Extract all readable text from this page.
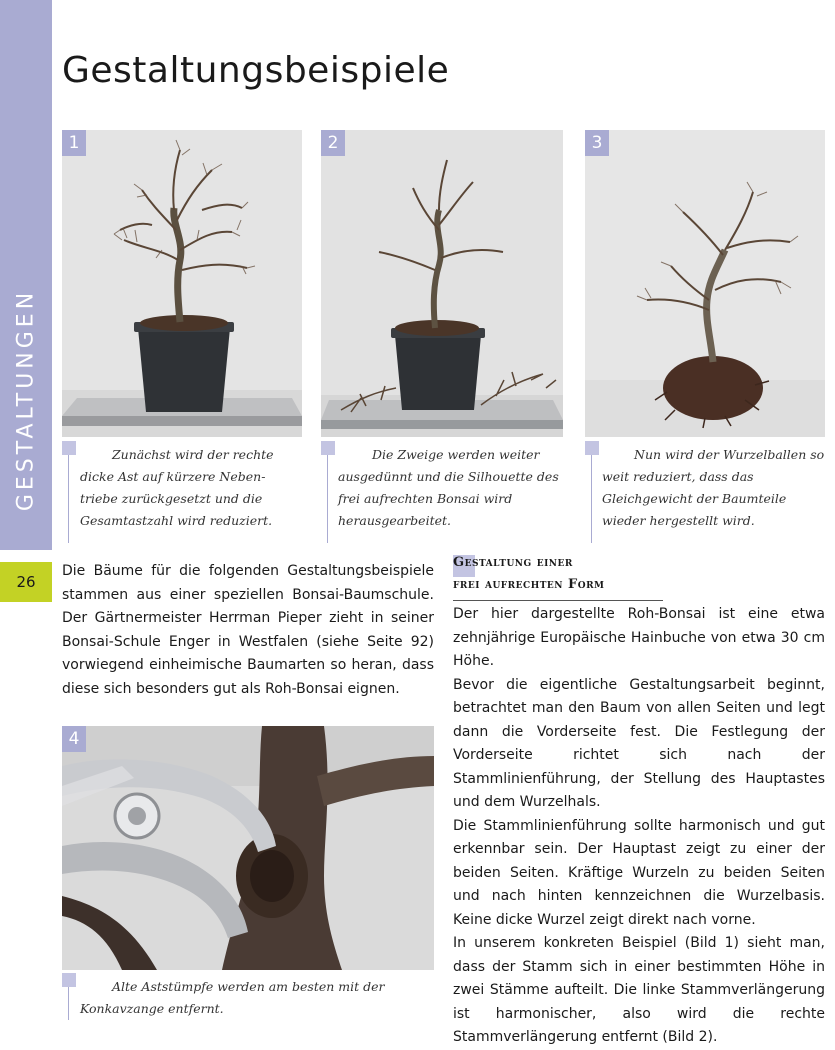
GESTALTUNGEN
26
Gestaltungsbeispiele
1	2	3

Zunächst wird der rechte dicke Ast auf kürzere Neben-triebe zurückgesetzt und die Gesamtastzahl wird reduziert.

Die Zweige werden weiter ausgedünnt und die Silhouette des frei aufrechten Bonsai wird herausgearbeitet.

Nun wird der Wurzelballen so weit reduziert, dass das Gleichgewicht der Baumteile wieder hergestellt wird.

Die Bäume für die folgenden Gestaltungsbeispiele stammen aus einer speziellen Bonsai-Baumschule. Der Gärtnermeister Herrman Pieper zieht in seiner Bonsai-Schule Enger in Westfalen (siehe Seite 92) vorwiegend einheimische Baumarten so heran, dass diese sich besonders gut als Roh-Bonsai eignen.

4

Alte Aststümpfe werden am besten mit der Konkavzange entfernt.

Gestaltung einer
frei aufrechten Form

Der hier dargestellte Roh-Bonsai ist eine etwa zehnjährige Europäische Hainbuche von etwa 30 cm Höhe.

Bevor die eigentliche Gestaltungsarbeit beginnt, betrachtet man den Baum von allen Seiten und legt dann die Vorderseite fest. Die Festlegung der Vorderseite richtet sich nach der Stammlinienführung, der Stellung des Hauptastes und dem Wurzelhals.

Die Stammlinienführung sollte harmonisch und gut erkennbar sein. Der Hauptast zeigt zu einer der beiden Seiten. Kräftige Wurzeln zu beiden Seiten und nach hinten kennzeichnen die Wurzelbasis. Keine dicke Wurzel zeigt direkt nach vorne.

In unserem konkreten Beispiel (Bild 1) sieht man, dass der Stamm sich in einer bestimmten Höhe in zwei Stämme aufteilt. Die linke Stammverlängerung ist harmonischer, also wird die rechte Stammverlängerung entfernt (Bild 2).
